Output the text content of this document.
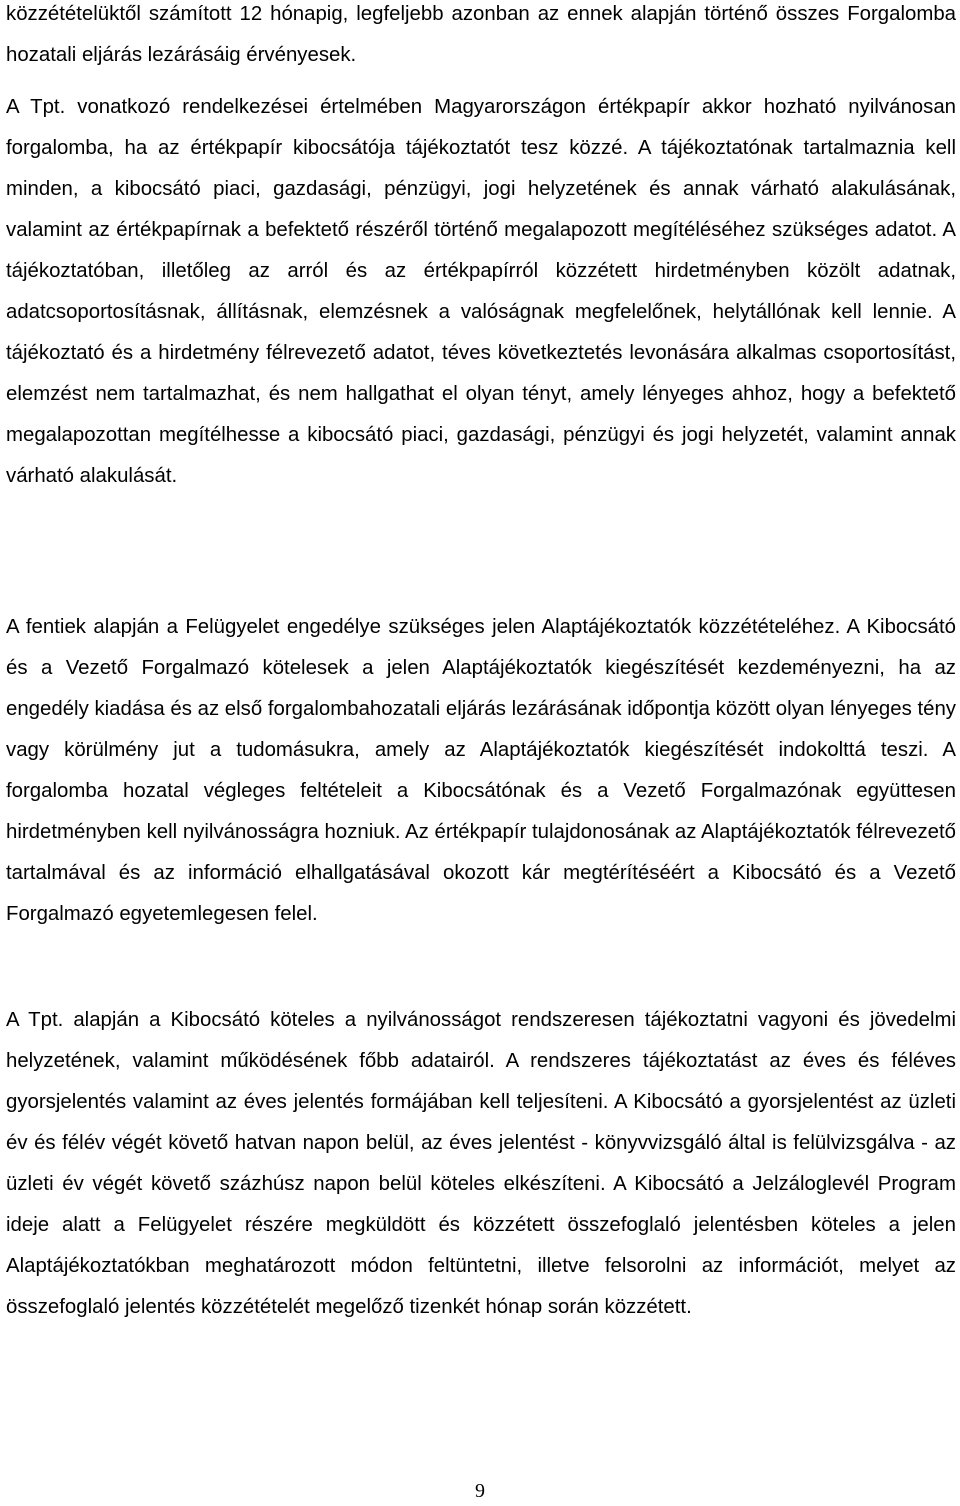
közzétételüktől számított 12 hónapig, legfeljebb azonban az ennek alapján történő összes Forgalomba hozatali eljárás lezárásáig érvényesek.

A Tpt. vonatkozó rendelkezései értelmében Magyarországon értékpapír akkor hozható nyilvánosan forgalomba, ha az értékpapír kibocsátója tájékoztatót tesz közzé. A tájékoztatónak tartalmaznia kell minden, a kibocsátó piaci, gazdasági, pénzügyi, jogi helyzetének és annak várható alakulásának, valamint az értékpapírnak a befektető részéről történő megalapozott megítéléséhez szükséges adatot. A tájékoztatóban, illetőleg az arról és az értékpapírról közzétett hirdetményben közölt adatnak, adatcsoportosításnak, állításnak, elemzésnek a valóságnak megfelelőnek, helytállónak kell lennie. A tájékoztató és a hirdetmény félrevezető adatot, téves következtetés levonására alkalmas csoportosítást, elemzést nem tartalmazhat, és nem hallgathat el olyan tényt, amely lényeges ahhoz, hogy a befektető megalapozottan megítélhesse a kibocsátó piaci, gazdasági, pénzügyi és jogi helyzetét, valamint annak várható alakulását.

A fentiek alapján a Felügyelet engedélye szükséges jelen Alaptájékoztatók közzétételéhez. A Kibocsátó és a Vezető Forgalmazó kötelesek a jelen Alaptájékoztatók kiegészítését kezdeményezni, ha az engedély kiadása és az első forgalombahozatali eljárás lezárásának időpontja között olyan lényeges tény vagy körülmény jut a tudomásukra, amely az Alaptájékoztatók kiegészítését indokolttá teszi. A forgalomba hozatal végleges feltételeit a Kibocsátónak és a Vezető Forgalmazónak együttesen hirdetményben kell nyilvánosságra hozniuk. Az értékpapír tulajdonosának az Alaptájékoztatók félrevezető tartalmával és az információ elhallgatásával okozott kár megtérítéséért a Kibocsátó és a Vezető Forgalmazó egyetemlegesen felel.

A Tpt. alapján a Kibocsátó köteles a nyilvánosságot rendszeresen tájékoztatni vagyoni és jövedelmi helyzetének, valamint működésének főbb adatairól. A rendszeres tájékoztatást az éves és féléves gyorsjelentés valamint az éves jelentés formájában kell teljesíteni. A Kibocsátó a gyorsjelentést az üzleti év és félév végét követő hatvan napon belül, az éves jelentést - könyvvizsgáló által is felülvizsgálva - az üzleti év végét követő százhúsz napon belül köteles elkészíteni. A Kibocsátó a Jelzáloglevél Program ideje alatt a Felügyelet részére megküldött és közzétett összefoglaló jelentésben köteles a jelen Alaptájékoztatókban meghatározott módon feltüntetni, illetve felsorolni az információt, melyet az összefoglaló jelentés közzétételét megelőző tizenkét hónap során közzétett.

9
